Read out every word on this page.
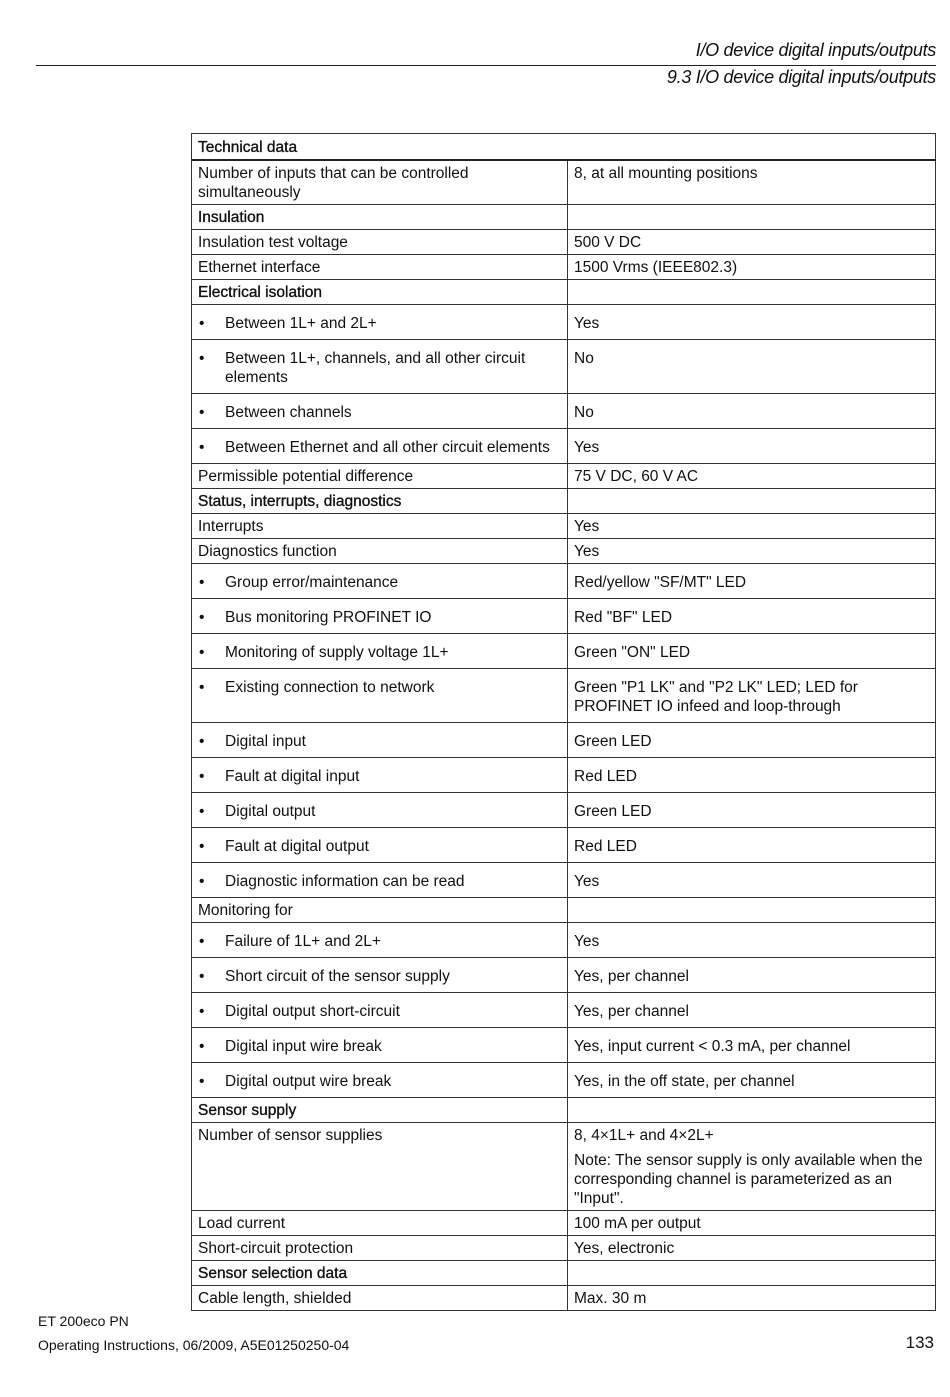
I/O device digital inputs/outputs
9.3 I/O device digital inputs/outputs
Technical data	
Number of inputs that can be controlled simultaneously	8, at all mounting positions

Insulation	

Insulation test voltage	500 V DC

Ethernet interface	1500 Vrms (IEEE802.3)

Electrical isolation	

• Between 1L+ and 2L+	Yes

• Between 1L+, channels, and all other circuit elements	No

• Between channels	No

• Between Ethernet and all other circuit elements	Yes

Permissible potential difference	75 V DC, 60 V AC

Status, interrupts, diagnostics	

Interrupts	Yes

Diagnostics function	Yes

• Group error/maintenance	Red/yellow "SF/MT" LED

• Bus monitoring PROFINET IO	Red "BF" LED

• Monitoring of supply voltage 1L+	Green "ON" LED

• Existing connection to network	Green "P1 LK" and "P2 LK" LED; LED for PROFINET IO infeed and loop-through

• Digital input	Green LED

• Fault at digital input	Red LED

• Digital output	Green LED

• Fault at digital output	Red LED

• Diagnostic information can be read	Yes

Monitoring for	

• Failure of 1L+ and 2L+	Yes

• Short circuit of the sensor supply	Yes, per channel

• Digital output short-circuit	Yes, per channel

• Digital input wire break	Yes, input current < 0.3 mA, per channel

• Digital output wire break	Yes, in the off state, per channel

Sensor supply	

Number of sensor supplies	8, 4×1L+ and 4×2L+
Note: The sensor supply is only available when the corresponding channel is parameterized as an "Input".

Load current	100 mA per output

Short-circuit protection	Yes, electronic

Sensor selection data	

Cable length, shielded	Max. 30 m
ET 200eco PN
Operating Instructions, 06/2009, A5E01250250-04	133
